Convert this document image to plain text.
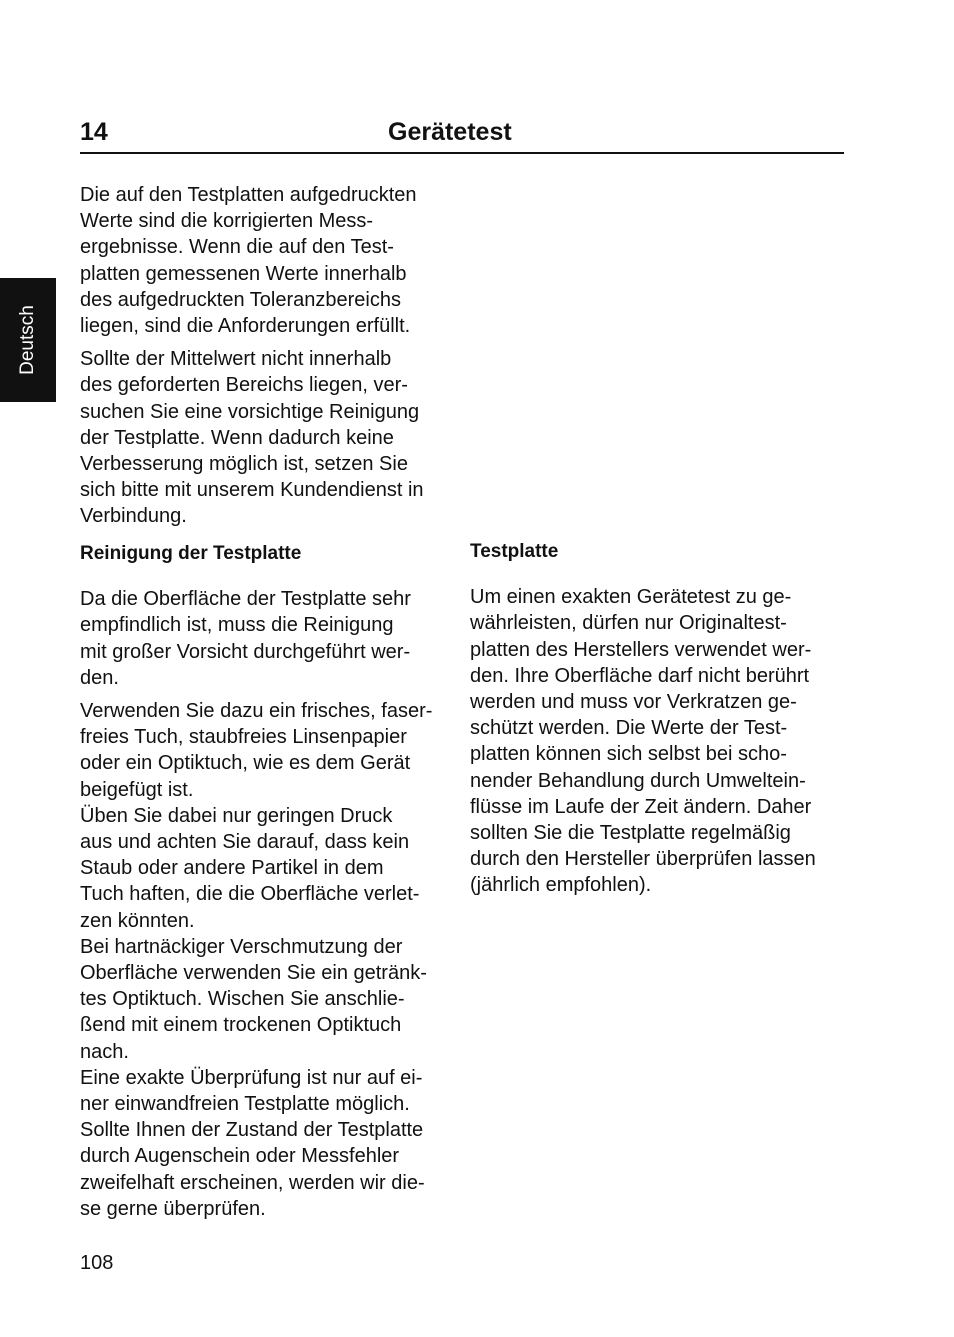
Deutsch
14	Gerätetest

Die auf den Testplatten aufgedruckten
Werte sind die korrigierten Mess-
ergebnisse. Wenn die auf den Test-
platten gemessenen Werte innerhalb
des aufgedruckten Toleranzbereichs
liegen, sind die Anforderungen erfüllt.

Sollte der Mittelwert nicht innerhalb
des geforderten Bereichs liegen, ver-
suchen Sie eine vorsichtige Reinigung
der Testplatte. Wenn dadurch keine
Verbesserung möglich ist, setzen Sie
sich bitte mit unserem Kundendienst in
Verbindung.

Reinigung der Testplatte

Da die Oberfläche der Testplatte sehr
empfindlich ist, muss die Reinigung
mit großer Vorsicht durchgeführt wer-
den.

Verwenden Sie dazu ein frisches, faser-
freies Tuch, staubfreies Linsenpapier
oder ein Optiktuch, wie es dem Gerät
beigefügt ist.
Üben Sie dabei nur geringen Druck
aus und achten Sie darauf, dass kein
Staub oder andere Partikel in dem
Tuch haften, die die Oberfläche verlet-
zen könnten.
Bei hartnäckiger Verschmutzung der
Oberfläche verwenden Sie ein getränk-
tes Optiktuch. Wischen Sie anschlie-
ßend mit einem trockenen Optiktuch
nach.
Eine exakte Überprüfung ist nur auf ei-
ner einwandfreien Testplatte möglich.
Sollte Ihnen der Zustand der Testplatte
durch Augenschein oder Messfehler
zweifelhaft erscheinen, werden wir die-
se gerne überprüfen.

Testplatte

Um einen exakten Gerätetest zu ge-
währleisten, dürfen nur Originaltest-
platten des Herstellers verwendet wer-
den. Ihre Oberfläche darf nicht berührt
werden und muss vor Verkratzen ge-
schützt werden. Die Werte der Test-
platten können sich selbst bei scho-
nender Behandlung durch Umweltein-
flüsse im Laufe der Zeit ändern. Daher
sollten Sie die Testplatte regelmäßig
durch den Hersteller überprüfen lassen
(jährlich empfohlen).

108
